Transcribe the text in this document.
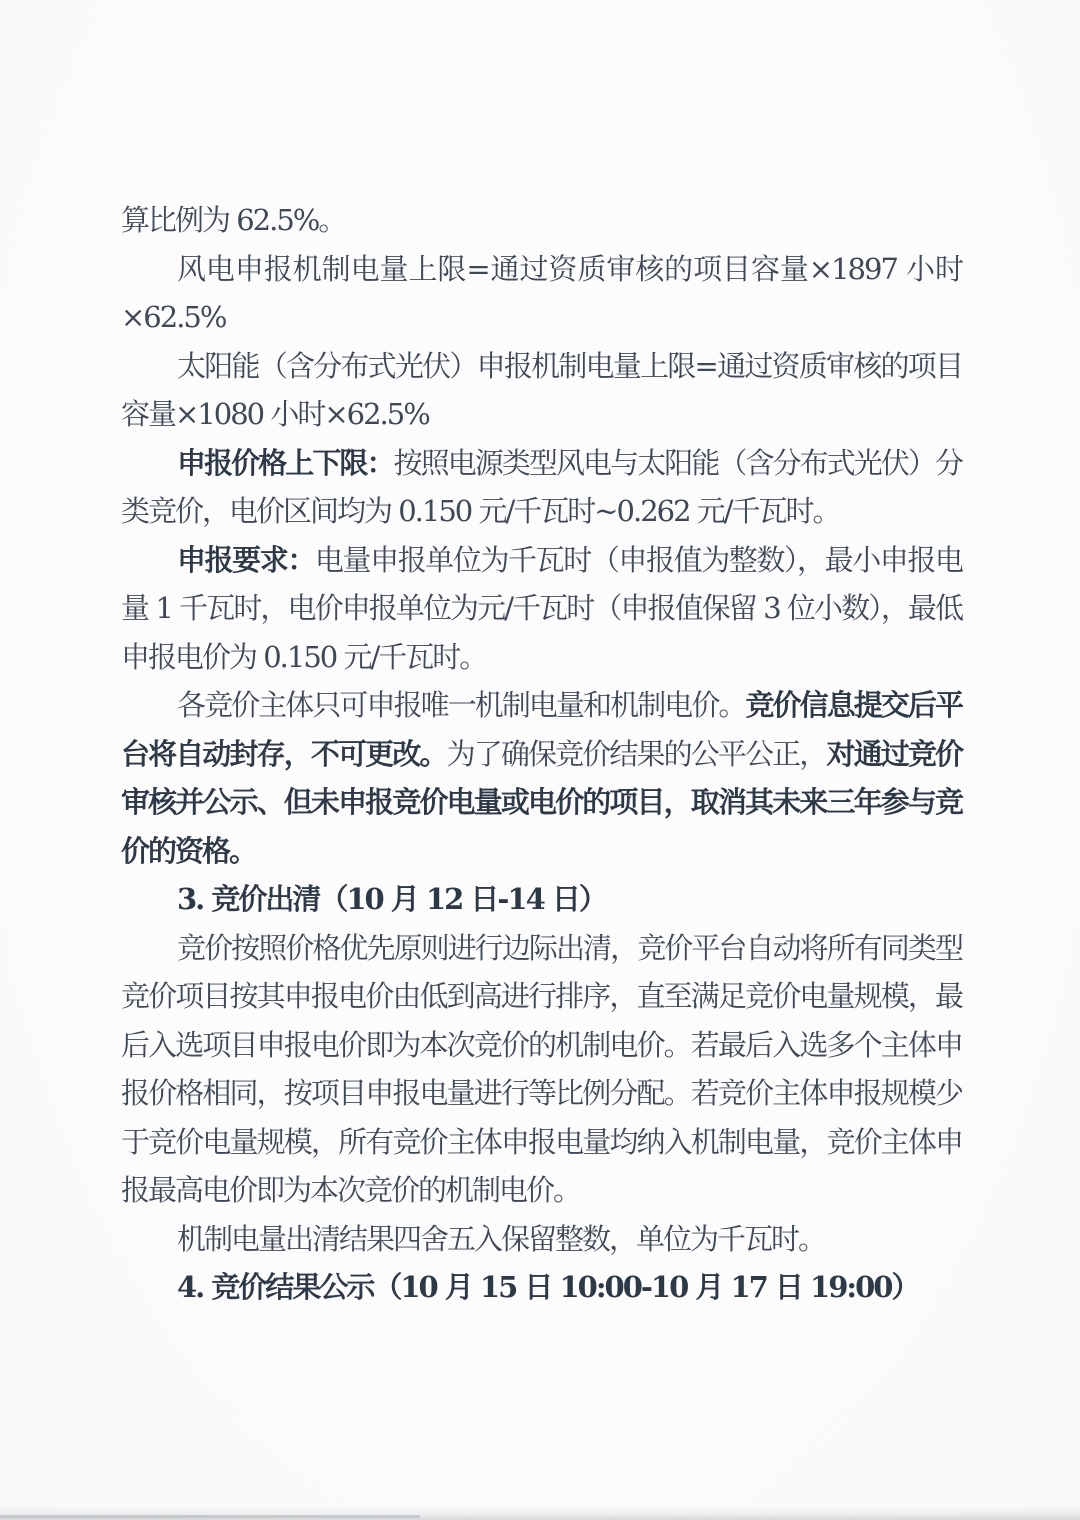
算比例为 62.5%。

风电申报机制电量上限=通过资质审核的项目容量×1897 小时×62.5%

太阳能（含分布式光伏）申报机制电量上限=通过资质审核的项目容量×1080 小时×62.5%

申报价格上下限：按照电源类型风电与太阳能（含分布式光伏）分类竞价，电价区间均为 0.150 元/千瓦时~0.262 元/千瓦时。

申报要求：电量申报单位为千瓦时（申报值为整数），最小申报电量 1 千瓦时，电价申报单位为元/千瓦时（申报值保留 3 位小数），最低申报电价为 0.150 元/千瓦时。

各竞价主体只可申报唯一机制电量和机制电价。竞价信息提交后平台将自动封存，不可更改。为了确保竞价结果的公平公正，对通过竞价审核并公示、但未申报竞价电量或电价的项目，取消其未来三年参与竞价的资格。

3. 竞价出清（10 月 12 日-14 日）

竞价按照价格优先原则进行边际出清，竞价平台自动将所有同类型竞价项目按其申报电价由低到高进行排序，直至满足竞价电量规模，最后入选项目申报电价即为本次竞价的机制电价。若最后入选多个主体申报价格相同，按项目申报电量进行等比例分配。若竞价主体申报规模少于竞价电量规模，所有竞价主体申报电量均纳入机制电量，竞价主体申报最高电价即为本次竞价的机制电价。

机制电量出清结果四舍五入保留整数，单位为千瓦时。

4. 竞价结果公示（10 月 15 日 10:00-10 月 17 日 19:00）
